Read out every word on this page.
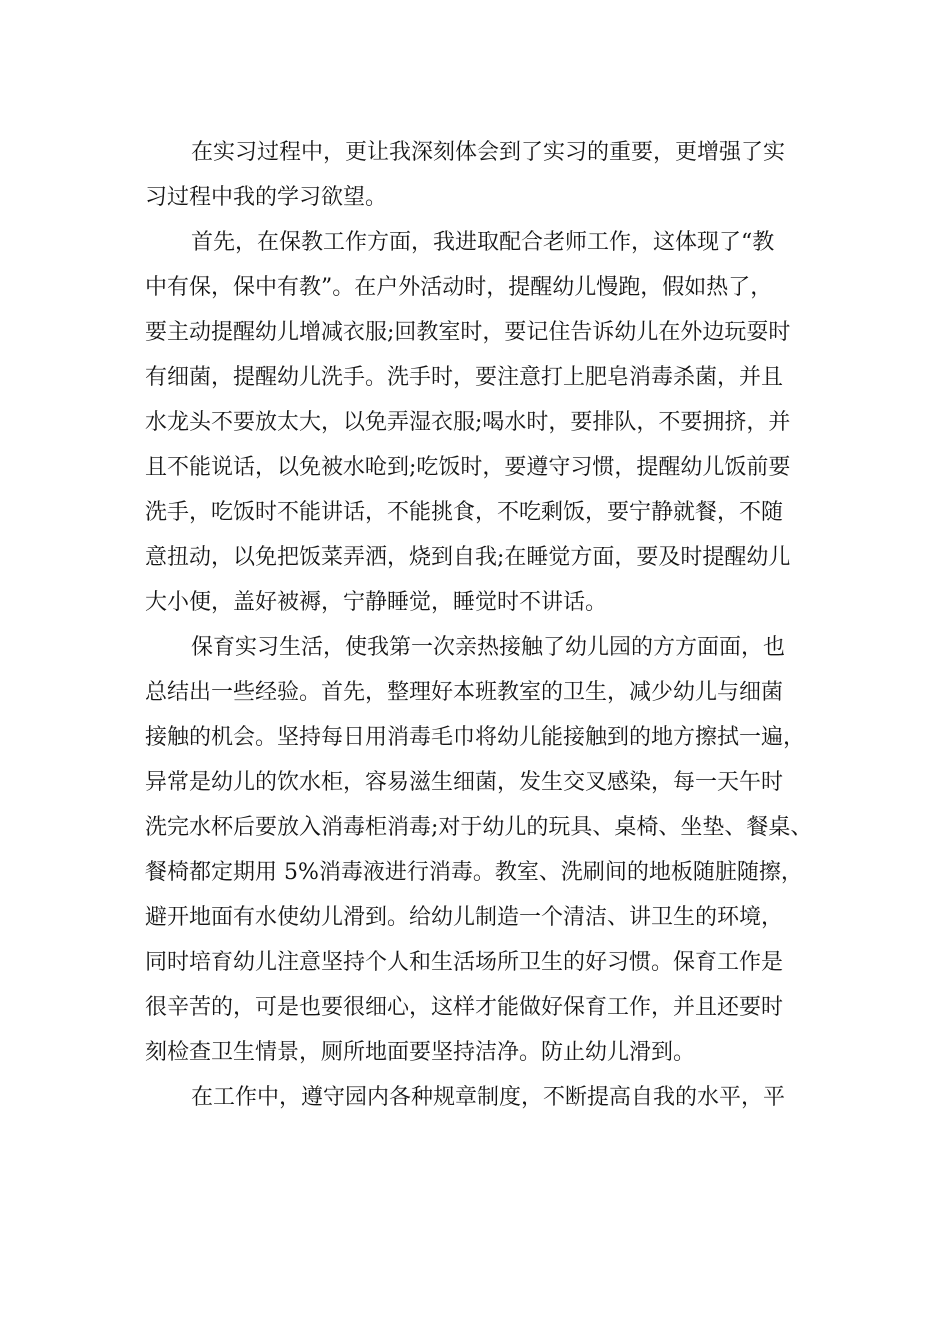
在实习过程中，更让我深刻体会到了实习的重要，更增强了实
习过程中我的学习欲望。
首先，在保教工作方面，我进取配合老师工作，这体现了“教
中有保，保中有教”。在户外活动时，提醒幼儿慢跑，假如热了，
要主动提醒幼儿增减衣服;回教室时，要记住告诉幼儿在外边玩耍时
有细菌，提醒幼儿洗手。洗手时，要注意打上肥皂消毒杀菌，并且
水龙头不要放太大，以免弄湿衣服;喝水时，要排队，不要拥挤，并
且不能说话，以免被水呛到;吃饭时，要遵守习惯，提醒幼儿饭前要
洗手，吃饭时不能讲话，不能挑食，不吃剩饭，要宁静就餐，不随
意扭动，以免把饭菜弄洒，烧到自我;在睡觉方面，要及时提醒幼儿
大小便，盖好被褥，宁静睡觉，睡觉时不讲话。
保育实习生活，使我第一次亲热接触了幼儿园的方方面面，也
总结出一些经验。首先，整理好本班教室的卫生，减少幼儿与细菌
接触的机会。坚持每日用消毒毛巾将幼儿能接触到的地方擦拭一遍，
异常是幼儿的饮水柜，容易滋生细菌，发生交叉感染，每一天午时
洗完水杯后要放入消毒柜消毒;对于幼儿的玩具、桌椅、坐垫、餐桌、
餐椅都定期用 5%消毒液进行消毒。教室、洗刷间的地板随脏随擦，
避开地面有水使幼儿滑到。给幼儿制造一个清洁、讲卫生的环境，
同时培育幼儿注意坚持个人和生活场所卫生的好习惯。保育工作是
很辛苦的，可是也要很细心，这样才能做好保育工作，并且还要时
刻检查卫生情景，厕所地面要坚持洁净。防止幼儿滑到。
在工作中，遵守园内各种规章制度，不断提高自我的水平，平
